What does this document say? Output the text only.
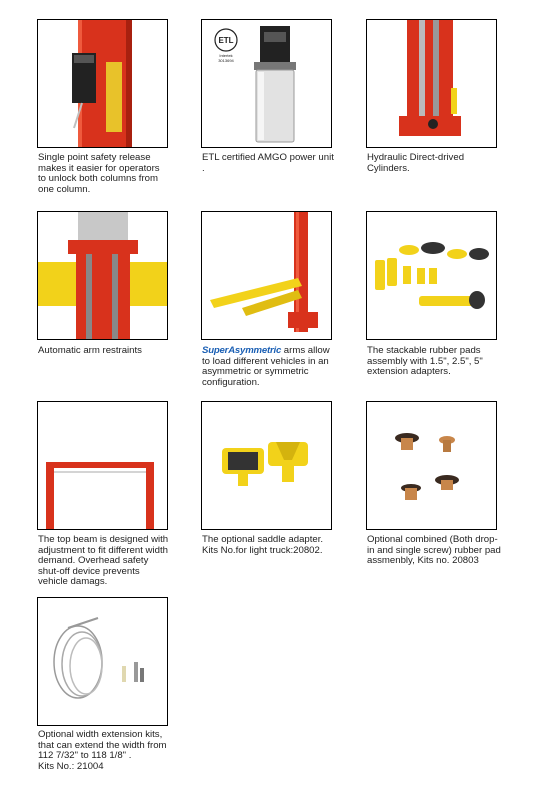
Single point safety release makes it easier for operators to unlock both columns from one column.
ETL
Intertek
3013694
ETL certified AMGO power unit .
Hydraulic Direct-drived Cylinders.
Automatic arm restraints	SuperAsymmetric arms allow to load different vehicles in an asymmetric or symmetric configuration.
The stackable rubber pads assembly with 1.5", 2.5", 5" extension adapters.
The top beam is designed with adjustment to fit different width demand. Overhead safety shut-off device prevents vehicle damags.
The optional saddle adapter.
Kits No.for light truck:20802.
Optional combined (Both drop-in and single screw) rubber pad assmenbly, Kits no. 20803
Optional width extension kits, that can extend the width from 112 7/32" to 118 1/8" .
Kits No.: 21004
